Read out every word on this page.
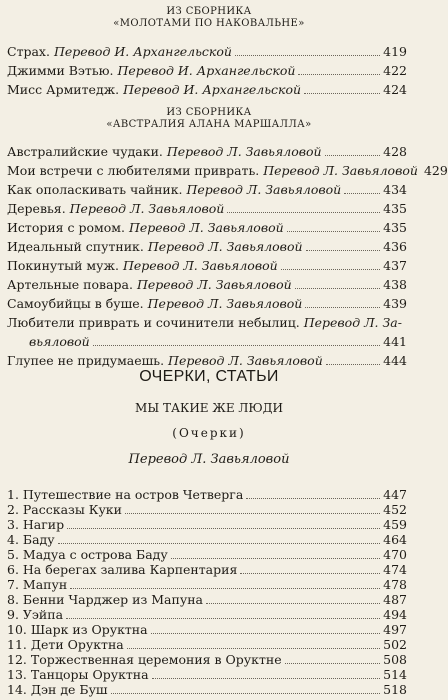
ИЗ СБОРНИКА
«МОЛОТАМИ ПО НАКОВАЛЬНЕ»
Страх. Перевод И. Архангельской	419
Джимми Вэтью. Перевод И. Архангельской	422
Мисс Армитедж. Перевод И. Архангельской	424
ИЗ СБОРНИКА
«АВСТРАЛИЯ АЛАНА МАРШАЛЛА»
Австралийские чудаки. Перевод Л. Завьяловой	428
Мои встречи с любителями приврать. Перевод Л. Завьяловой 429
Как ополаскивать чайник. Перевод Л. Завьяловой	434
Деревья. Перевод Л. Завьяловой	435
История с ромом. Перевод Л. Завьяловой	435
Идеальный спутник. Перевод Л. Завьяловой	436
Покинутый муж. Перевод Л. Завьяловой	437
Артельные повара. Перевод Л. Завьяловой	438
Самоубийцы в буше. Перевод Л. Завьяловой	439
Любители приврать и сочинители небылиц. Перевод Л. За-
вьяловой	441
Глупее не придумаешь. Перевод Л. Завьяловой	444
ОЧЕРКИ, СТАТЬИ
МЫ ТАКИЕ ЖЕ ЛЮДИ
(Очерки)
Перевод Л. Завьяловой
1. Путешествие на остров Четверга	447
2. Рассказы Куки	452
3. Нагир	459
4. Баду	464
5. Мадуа с острова Баду	470
6. На берегах залива Карпентария	474
7. Мапун	478
8. Бенни Чарджер из Мапуна	487
9. Уэйпа	494
10. Шарк из Оруктна	497
11. Дети Оруктна	502
12. Торжественная церемония в Оруктне	508
13. Танцоры Оруктна	514
14. Дэн де Буш	518
